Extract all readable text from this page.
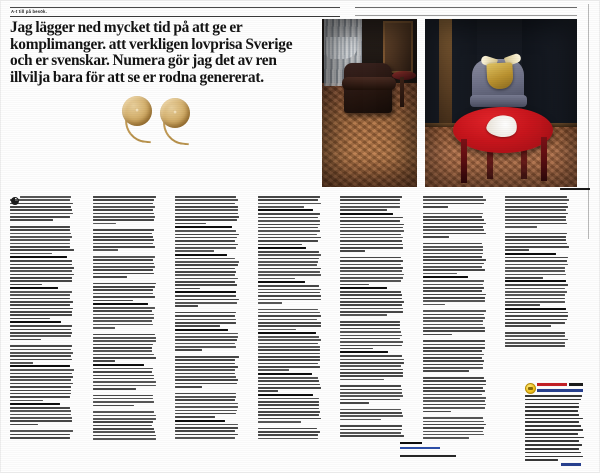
A-t till på besök.
Jag lägger ned mycket tid på att ge er komplimanger. att verkligen lovprisa Sverige och er svenskar. Numera gör jag det av ren illvilja bara för att se er rodna genererat.
